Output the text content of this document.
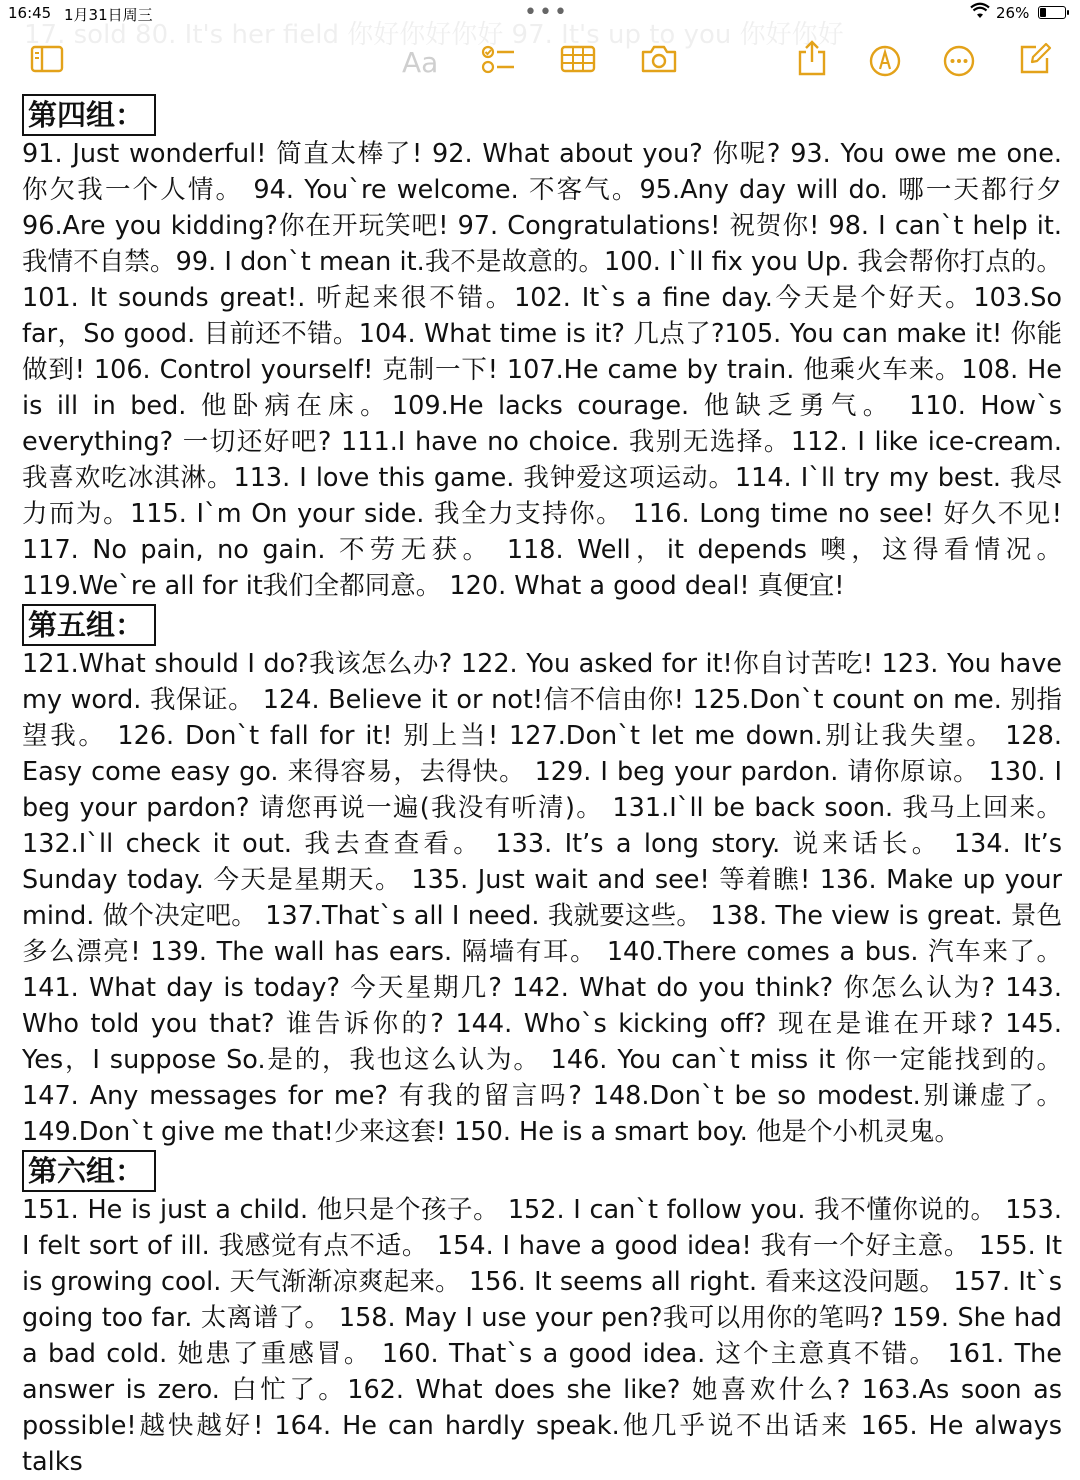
16:45 1月31日周三	•••	26%
17. sold 80. It's her field 你好你好你好 97. It's up to you 你好你好
Aa
第四组：

91. Just wonderful! 简直太棒了! 92. What about you? 你呢? 93. You owe me one. 你欠我一个人情。 94. You`re welcome. 不客气。95.Any day will do. 哪一天都行夕 96.Are you kidding?你在开玩笑吧! 97. Congratulations! 祝贺你! 98. I can`t help it. 我情不自禁。99. I don`t mean it.我不是故意的。100. I`ll fix you Up. 我会帮你打点的。101. It sounds great!. 听起来很不错。102. It`s a fine day.今天是个好天。103.So far，So good. 目前还不错。104. What time is it? 几点了?105. You can make it! 你能做到! 106. Control yourself! 克制一下! 107.He came by train. 他乘火车来。108. He is ill in bed. 他卧病在床。109.He lacks courage. 他缺乏勇气。 110. How`s everything? 一切还好吧? 111.I have no choice. 我别无选择。112. I like ice-cream. 我喜欢吃冰淇淋。113. I love this game. 我钟爱这项运动。114. I`ll try my best. 我尽力而为。115. I`m On your side. 我全力支持你。 116. Long time no see! 好久不见! 117. No pain, no gain. 不劳无获。 118. Well，it depends 噢，这得看情况。 119.We`re all for it我们全都同意。 120. What a good deal! 真便宜!

第五组：

121.What should I do?我该怎么办? 122. You asked for it!你自讨苦吃! 123. You have my word. 我保证。 124. Believe it or not!信不信由你! 125.Don`t count on me. 别指望我。 126. Don`t fall for it! 别上当! 127.Don`t let me down.别让我失望。 128. Easy come easy go. 来得容易，去得快。 129. I beg your pardon. 请你原谅。 130. I beg your pardon? 请您再说一遍(我没有听清)。 131.I`ll be back soon. 我马上回来。 132.I`ll check it out. 我去查查看。 133. It’s a long story. 说来话长。 134. It’s Sunday today. 今天是星期天。 135. Just wait and see! 等着瞧! 136. Make up your mind. 做个决定吧。 137.That`s all I need. 我就要这些。 138. The view is great. 景色多么漂亮! 139. The wall has ears. 隔墙有耳。 140.There comes a bus. 汽车来了。 141. What day is today? 今天星期几? 142. What do you think? 你怎么认为? 143. Who told you that? 谁告诉你的? 144. Who`s kicking off? 现在是谁在开球? 145. Yes，I suppose So.是的，我也这么认为。 146. You can`t miss it 你一定能找到的。 147. Any messages for me? 有我的留言吗? 148.Don`t be so modest.别谦虚了。 149.Don`t give me that!少来这套! 150. He is a smart boy. 他是个小机灵鬼。

第六组：

151. He is just a child. 他只是个孩子。 152. I can`t follow you. 我不懂你说的。 153. I felt sort of ill. 我感觉有点不适。 154. I have a good idea! 我有一个好主意。 155. It is growing cool. 天气渐渐凉爽起来。 156. It seems all right. 看来这没问题。 157. It`s going too far. 太离谱了。 158. May I use your pen?我可以用你的笔吗? 159. She had a bad cold. 她患了重感冒。 160. That`s a good idea. 这个主意真不错。 161. The answer is zero. 白忙了。162. What does she like? 她喜欢什么? 163.As soon as possible!越快越好! 164. He can hardly speak.他几乎说不出话来 165. He always talks
